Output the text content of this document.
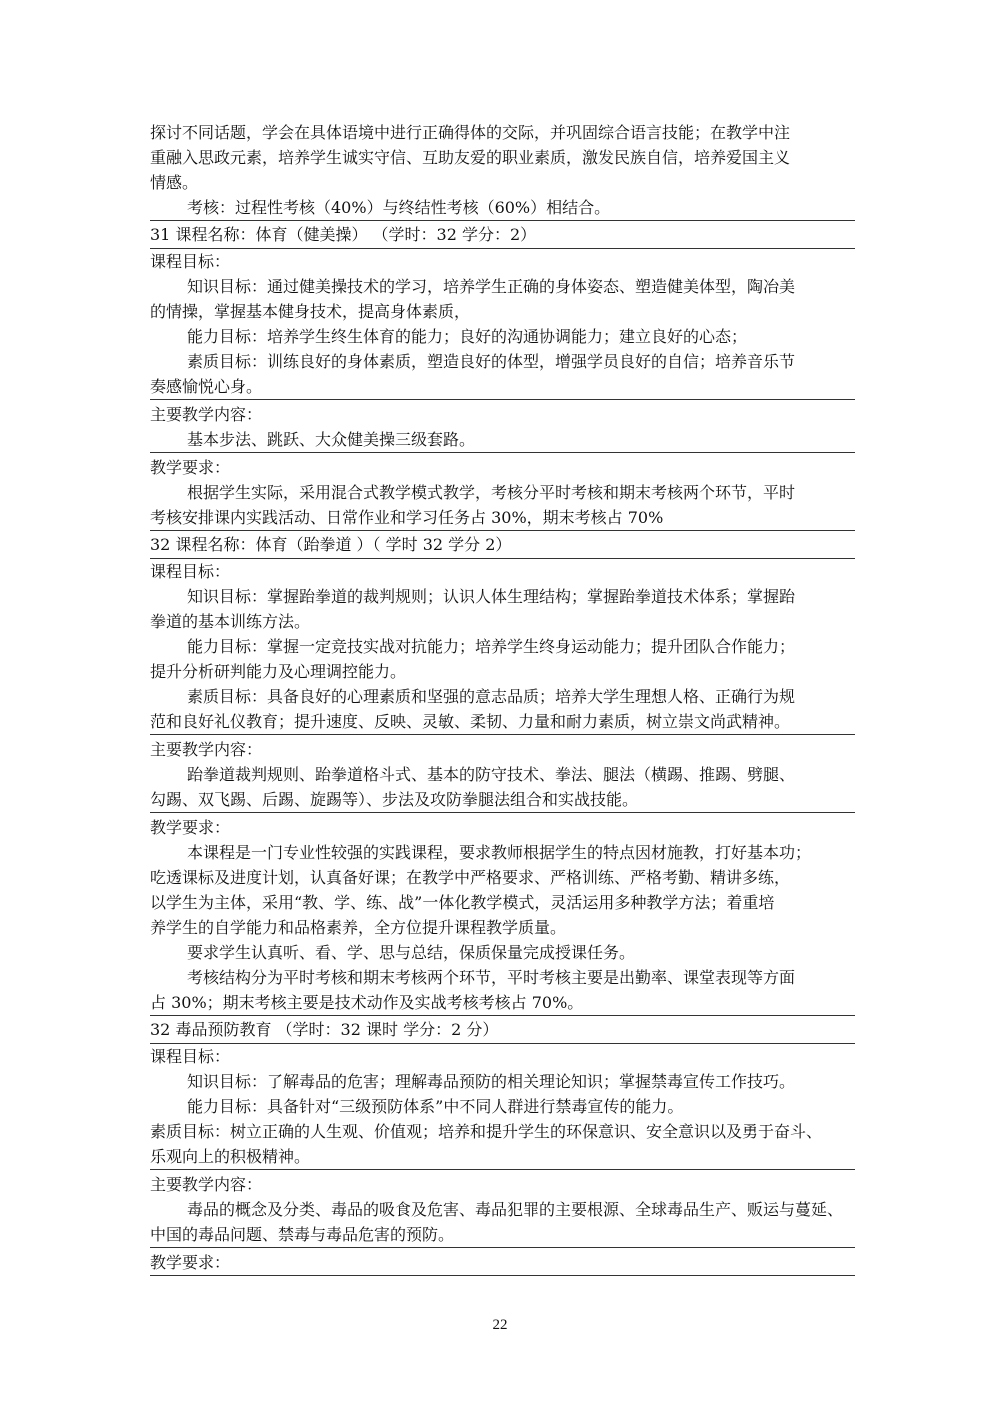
探讨不同话题，学会在具体语境中进行正确得体的交际，并巩固综合语言技能；在教学中注
重融入思政元素，培养学生诚实守信、互助友爱的职业素质，激发民族自信，培养爱国主义
情感。
考核：过程性考核（40%）与终结性考核（60%）相结合。
31 课程名称：体育（健美操） （学时：32 学分：2）
课程目标：
知识目标：通过健美操技术的学习，培养学生正确的身体姿态、塑造健美体型，陶冶美
的情操，掌握基本健身技术，提高身体素质，
能力目标：培养学生终生体育的能力；良好的沟通协调能力；建立良好的心态；
素质目标：训练良好的身体素质，塑造良好的体型，增强学员良好的自信；培养音乐节
奏感愉悦心身。
主要教学内容：
基本步法、跳跃、大众健美操三级套路。
教学要求：
根据学生实际，采用混合式教学模式教学，考核分平时考核和期末考核两个环节，平时
考核安排课内实践活动、日常作业和学习任务占 30%，期末考核占 70%
32 课程名称：体育（跆拳道 ）（ 学时 32 学分 2）
课程目标：
知识目标：掌握跆拳道的裁判规则；认识人体生理结构；掌握跆拳道技术体系；掌握跆
拳道的基本训练方法。
能力目标：掌握一定竞技实战对抗能力；培养学生终身运动能力；提升团队合作能力；
提升分析研判能力及心理调控能力。
素质目标：具备良好的心理素质和坚强的意志品质；培养大学生理想人格、正确行为规
范和良好礼仪教育；提升速度、反映、灵敏、柔韧、力量和耐力素质，树立崇文尚武精神。
主要教学内容：
跆拳道裁判规则、跆拳道格斗式、基本的防守技术、拳法、腿法（横踢、推踢、劈腿、
勾踢、双飞踢、后踢、旋踢等）、步法及攻防拳腿法组合和实战技能。
教学要求：
本课程是一门专业性较强的实践课程，要求教师根据学生的特点因材施教，打好基本功；
吃透课标及进度计划，认真备好课；在教学中严格要求、严格训练、严格考勤、精讲多练，
以学生为主体，采用“教、学、练、战”一体化教学模式，灵活运用多种教学方法；着重培
养学生的自学能力和品格素养，全方位提升课程教学质量。
要求学生认真听、看、学、思与总结，保质保量完成授课任务。
考核结构分为平时考核和期末考核两个环节，平时考核主要是出勤率、课堂表现等方面
占 30%；期末考核主要是技术动作及实战考核考核占 70%。
32 毒品预防教育 （学时：32 课时 学分：2 分）
课程目标：
知识目标：了解毒品的危害；理解毒品预防的相关理论知识；掌握禁毒宣传工作技巧。
能力目标：具备针对“三级预防体系”中不同人群进行禁毒宣传的能力。
素质目标：树立正确的人生观、价值观；培养和提升学生的环保意识、安全意识以及勇于奋斗、
乐观向上的积极精神。
主要教学内容：
毒品的概念及分类、毒品的吸食及危害、毒品犯罪的主要根源、全球毒品生产、贩运与蔓延、
中国的毒品问题、禁毒与毒品危害的预防。
教学要求：
22
